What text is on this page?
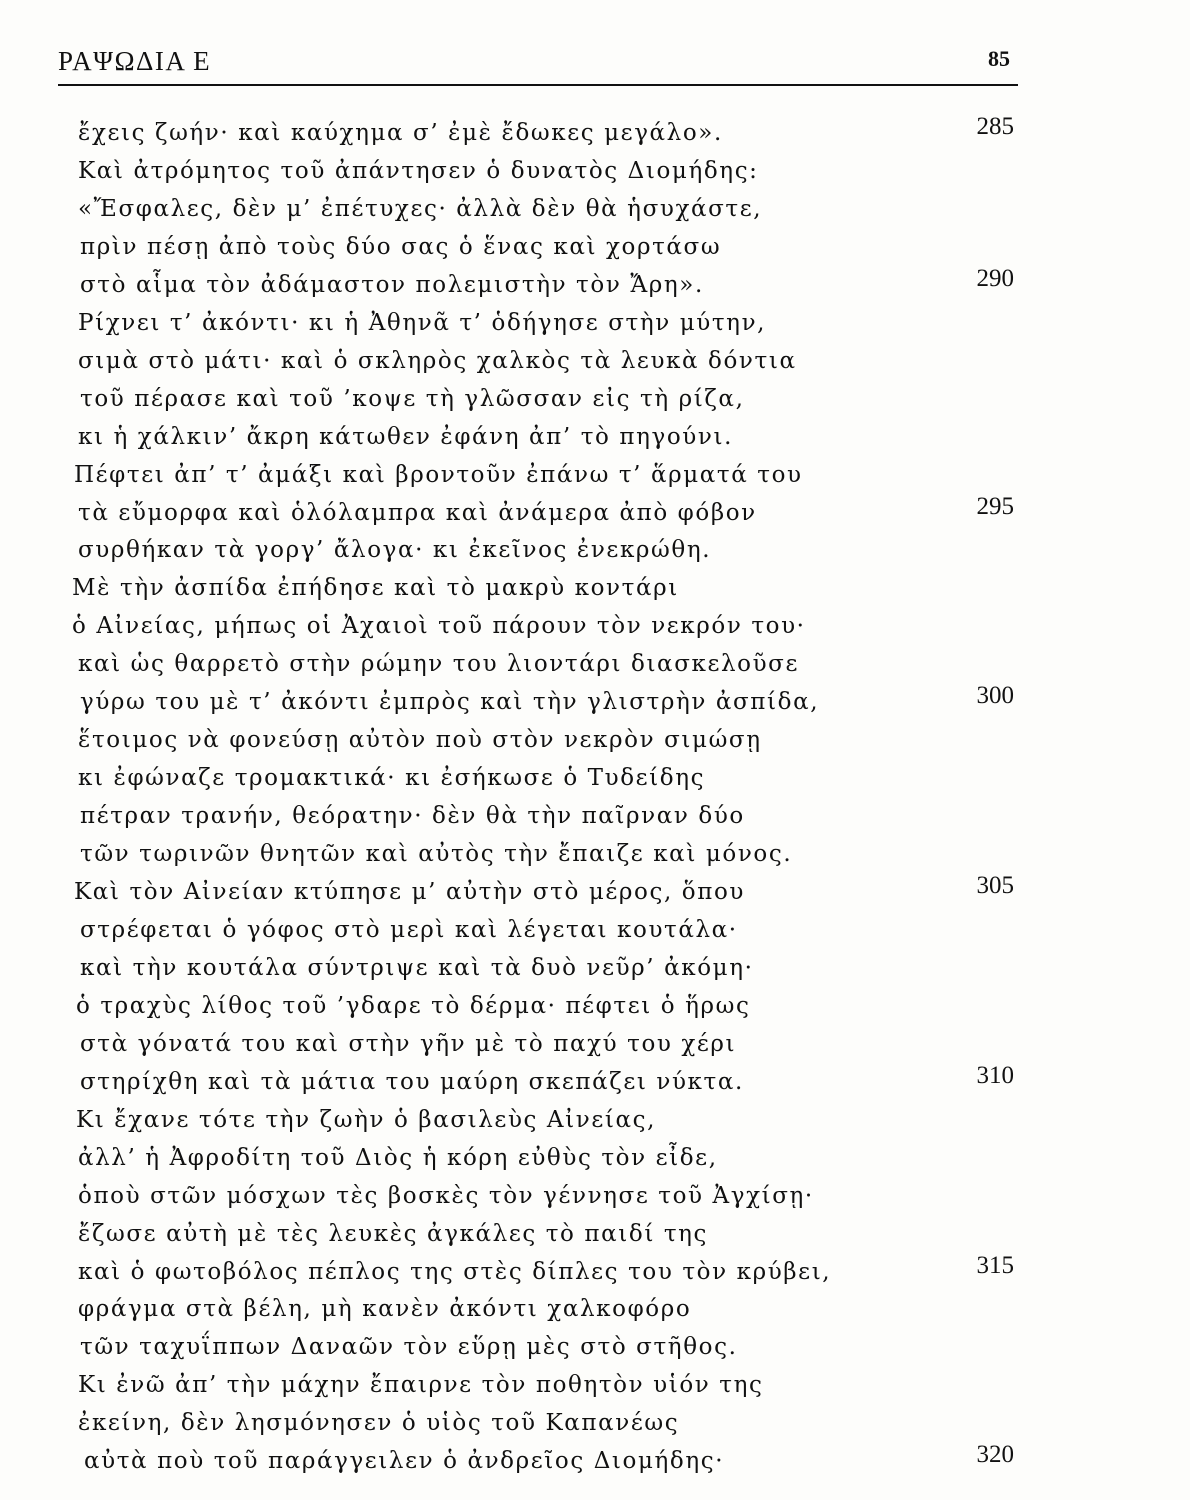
ΡΑΨΩΔΙΑ Ε	85
ἔχεις ζωήν· καὶ καύχημα σ’ ἐμὲ ἔδωκες μεγάλο».	285
Καὶ ἀτρόμητος τοῦ ἀπάντησεν ὁ δυνατὸς Διομήδης:
«Ἔσφαλες, δὲν μ’ ἐπέτυχες· ἀλλὰ δὲν θὰ ἡσυχάστε,
πρὶν πέσῃ ἀπὸ τοὺς δύο σας ὁ ἕνας καὶ χορτάσω
στὸ αἷμα τὸν ἀδάμαστον πολεμιστὴν τὸν Ἄρη».	290
Ρίχνει τ’ ἀκόντι· κι ἡ Ἀθηνᾶ τ’ ὁδήγησε στὴν μύτην,
σιμὰ στὸ μάτι· καὶ ὁ σκληρὸς χαλκὸς τὰ λευκὰ δόντια
τοῦ πέρασε καὶ τοῦ ’κοψε τὴ γλῶσσαν εἰς τὴ ρίζα,
κι ἡ χάλκιν’ ἄκρη κάτωθεν ἐφάνη ἀπ’ τὸ πηγούνι.
Πέφτει ἀπ’ τ’ ἀμάξι καὶ βροντοῦν ἐπάνω τ’ ἅρματά του
τὰ εὔμορφα καὶ ὁλόλαμπρα καὶ ἀνάμερα ἀπὸ φόβον	295
συρθήκαν τὰ γοργ’ ἄλογα· κι ἐκεῖνος ἐνεκρώθη.
Μὲ τὴν ἀσπίδα ἐπήδησε καὶ τὸ μακρὺ κοντάρι
ὁ Αἰνείας, μήπως οἱ Ἀχαιοὶ τοῦ πάρουν τὸν νεκρόν του·
καὶ ὡς θαρρετὸ στὴν ρώμην του λιοντάρι διασκελοῦσε
γύρω του μὲ τ’ ἀκόντι ἐμπρὸς καὶ τὴν γλιστρὴν ἀσπίδα,	300
ἕτοιμος νὰ φονεύσῃ αὐτὸν ποὺ στὸν νεκρὸν σιμώσῃ
κι ἐφώναζε τρομακτικά· κι ἐσήκωσε ὁ Τυδείδης
πέτραν τρανήν, θεόρατην· δὲν θὰ τὴν παῖρναν δύο
τῶν τωρινῶν θνητῶν καὶ αὐτὸς τὴν ἔπαιζε καὶ μόνος.
Καὶ τὸν Αἰνείαν κτύπησε μ’ αὐτὴν στὸ μέρος, ὅπου	305
στρέφεται ὁ γόφος στὸ μερὶ καὶ λέγεται κουτάλα·
καὶ τὴν κουτάλα σύντριψε καὶ τὰ δυὸ νεῦρ’ ἀκόμη·
ὁ τραχὺς λίθος τοῦ ’γδαρε τὸ δέρμα· πέφτει ὁ ἥρως
στὰ γόνατά του καὶ στὴν γῆν μὲ τὸ παχύ του χέρι
στηρίχθη καὶ τὰ μάτια του μαύρη σκεπάζει νύκτα.	310
Κι ἔχανε τότε τὴν ζωὴν ὁ βασιλεὺς Αἰνείας,
ἀλλ’ ἡ Ἀφροδίτη τοῦ Διὸς ἡ κόρη εὐθὺς τὸν εἶδε,
ὁποὺ στῶν μόσχων τὲς βοσκὲς τὸν γέννησε τοῦ Ἀγχίσῃ·
ἔζωσε αὐτὴ μὲ τὲς λευκὲς ἀγκάλες τὸ παιδί της
καὶ ὁ φωτοβόλος πέπλος της στὲς δίπλες του τὸν κρύβει,	315
φράγμα στὰ βέλη, μὴ κανὲν ἀκόντι χαλκοφόρο
τῶν ταχυΐππων Δαναῶν τὸν εὕρῃ μὲς στὸ στῆθος.
Κι ἐνῶ ἀπ’ τὴν μάχην ἔπαιρνε τὸν ποθητὸν υἱόν της
ἐκείνη, δὲν λησμόνησεν ὁ υἱὸς τοῦ Καπανέως
αὐτὰ ποὺ τοῦ παράγγειλεν ὁ ἀνδρεῖος Διομήδης·	320
